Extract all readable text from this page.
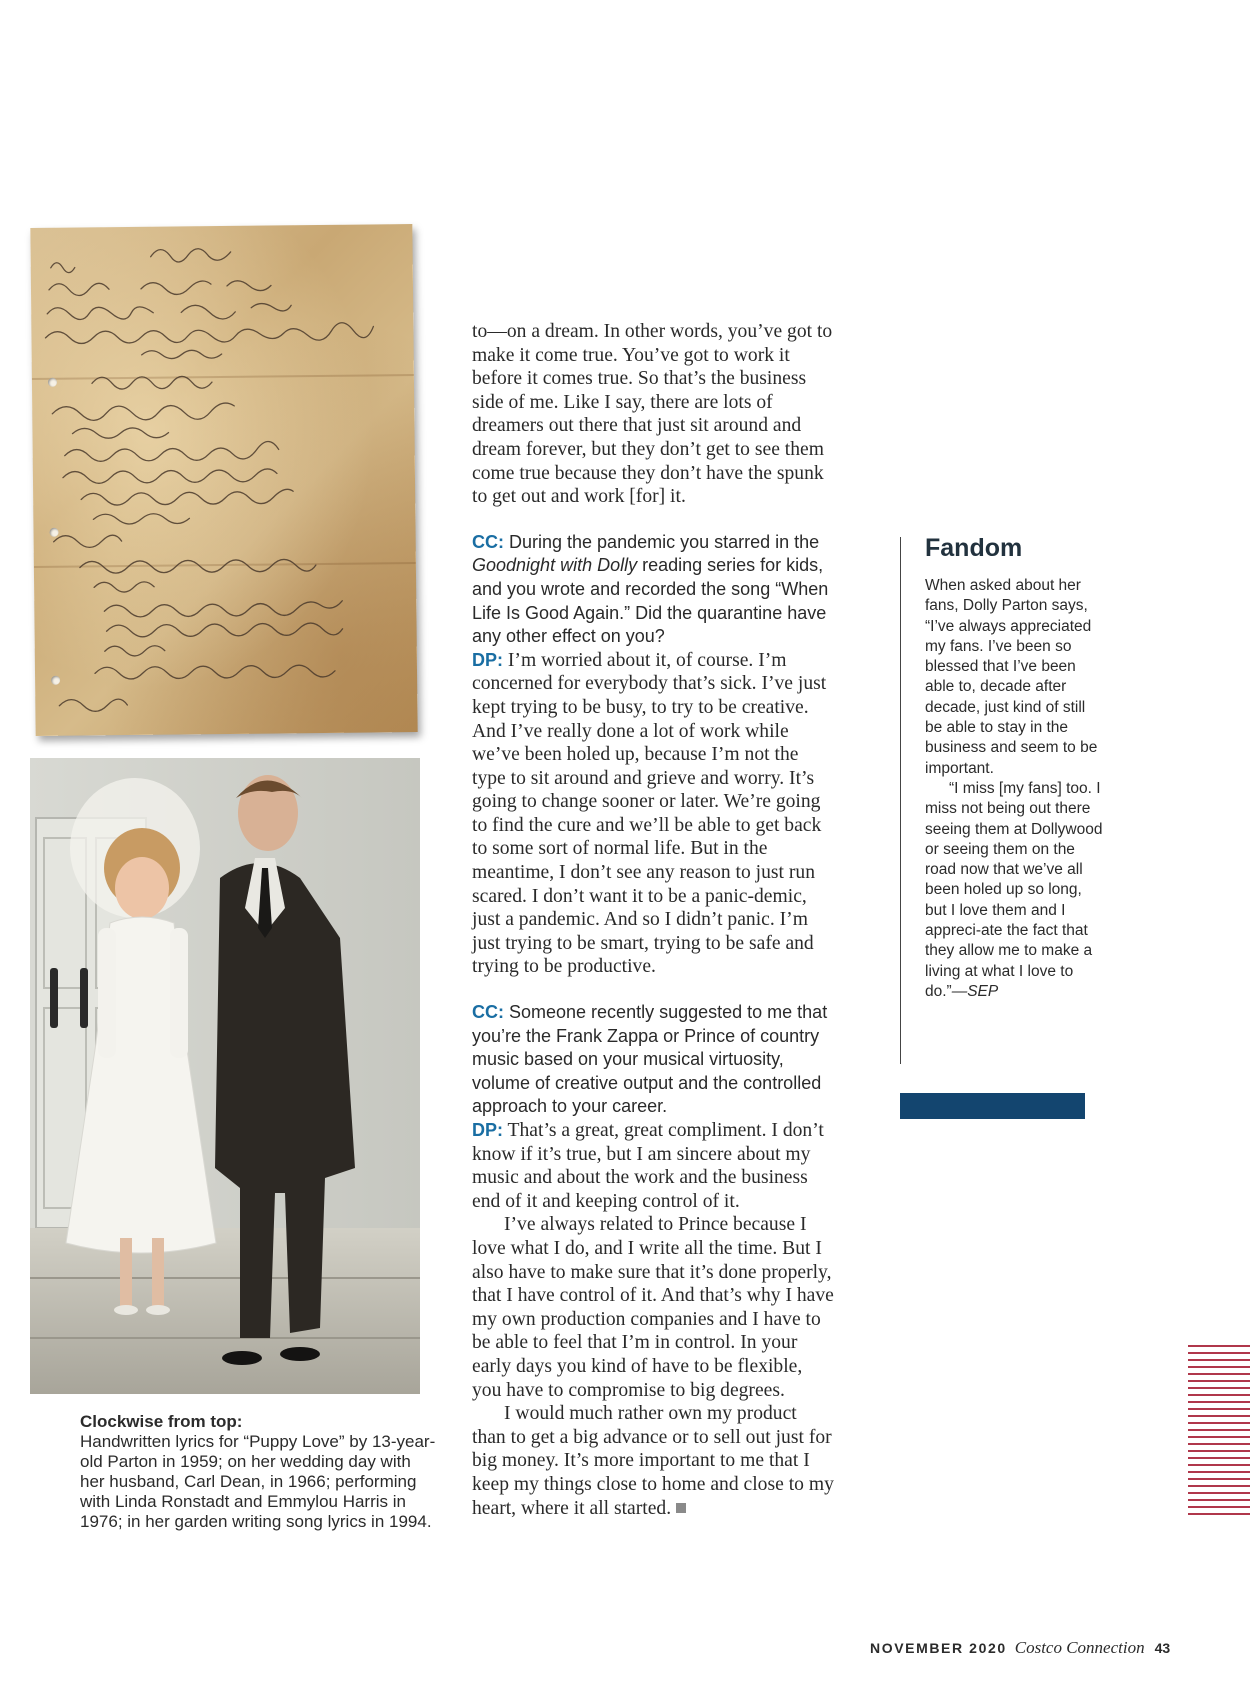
Clockwise from top:
Handwritten lyrics for “Puppy Love” by 13-year-old Parton in 1959; on her wedding day with her husband, Carl Dean, in 1966; performing with Linda Ronstadt and Emmylou Harris in 1976; in her garden writing song lyrics in 1994.

to—on a dream. In other words, you’ve got to make it come true. You’ve got to work it before it comes true. So that’s the business side of me. Like I say, there are lots of dreamers out there that just sit around and dream forever, but they don’t get to see them come true because they don’t have the spunk to get out and work [for] it.

CC: During the pandemic you starred in the Goodnight with Dolly reading series for kids, and you wrote and recorded the song “When Life Is Good Again.” Did the quarantine have any other effect on you?

DP: I’m worried about it, of course. I’m concerned for everybody that’s sick. I’ve just kept trying to be busy, to try to be creative. And I’ve really done a lot of work while we’ve been holed up, because I’m not the type to sit around and grieve and worry. It’s going to change sooner or later. We’re going to find the cure and we’ll be able to get back to some sort of normal life. But in the meantime, I don’t see any reason to just run scared. I don’t want it to be a panic-demic, just a pandemic. And so I didn’t panic. I’m just trying to be smart, trying to be safe and trying to be productive.

CC: Someone recently suggested to me that you’re the Frank Zappa or Prince of country music based on your musical virtuosity, volume of creative output and the controlled approach to your career.

DP: That’s a great, great compliment. I don’t know if it’s true, but I am sincere about my music and about the work and the business end of it and keeping control of it.

I’ve always related to Prince because I love what I do, and I write all the time. But I also have to make sure that it’s done properly, that I have control of it. And that’s why I have my own production companies and I have to be able to feel that I’m in control. In your early days you kind of have to be flexible, you have to compromise to big degrees.

I would much rather own my product than to get a big advance or to sell out just for big money. It’s more important to me that I keep my things close to home and close to my heart, where it all started.

Fandom

When asked about her fans, Dolly Parton says, “I’ve always appreciated my fans. I’ve been so blessed that I’ve been able to, decade after decade, just kind of still be able to stay in the business and seem to be important.

“I miss [my fans] too. I miss not being out there seeing them at Dollywood or seeing them on the road now that we’ve all been holed up so long, but I love them and I appreci-ate the fact that they allow me to make a living at what I love to do.”—SEP

NOVEMBER 2020 Costco Connection 43
